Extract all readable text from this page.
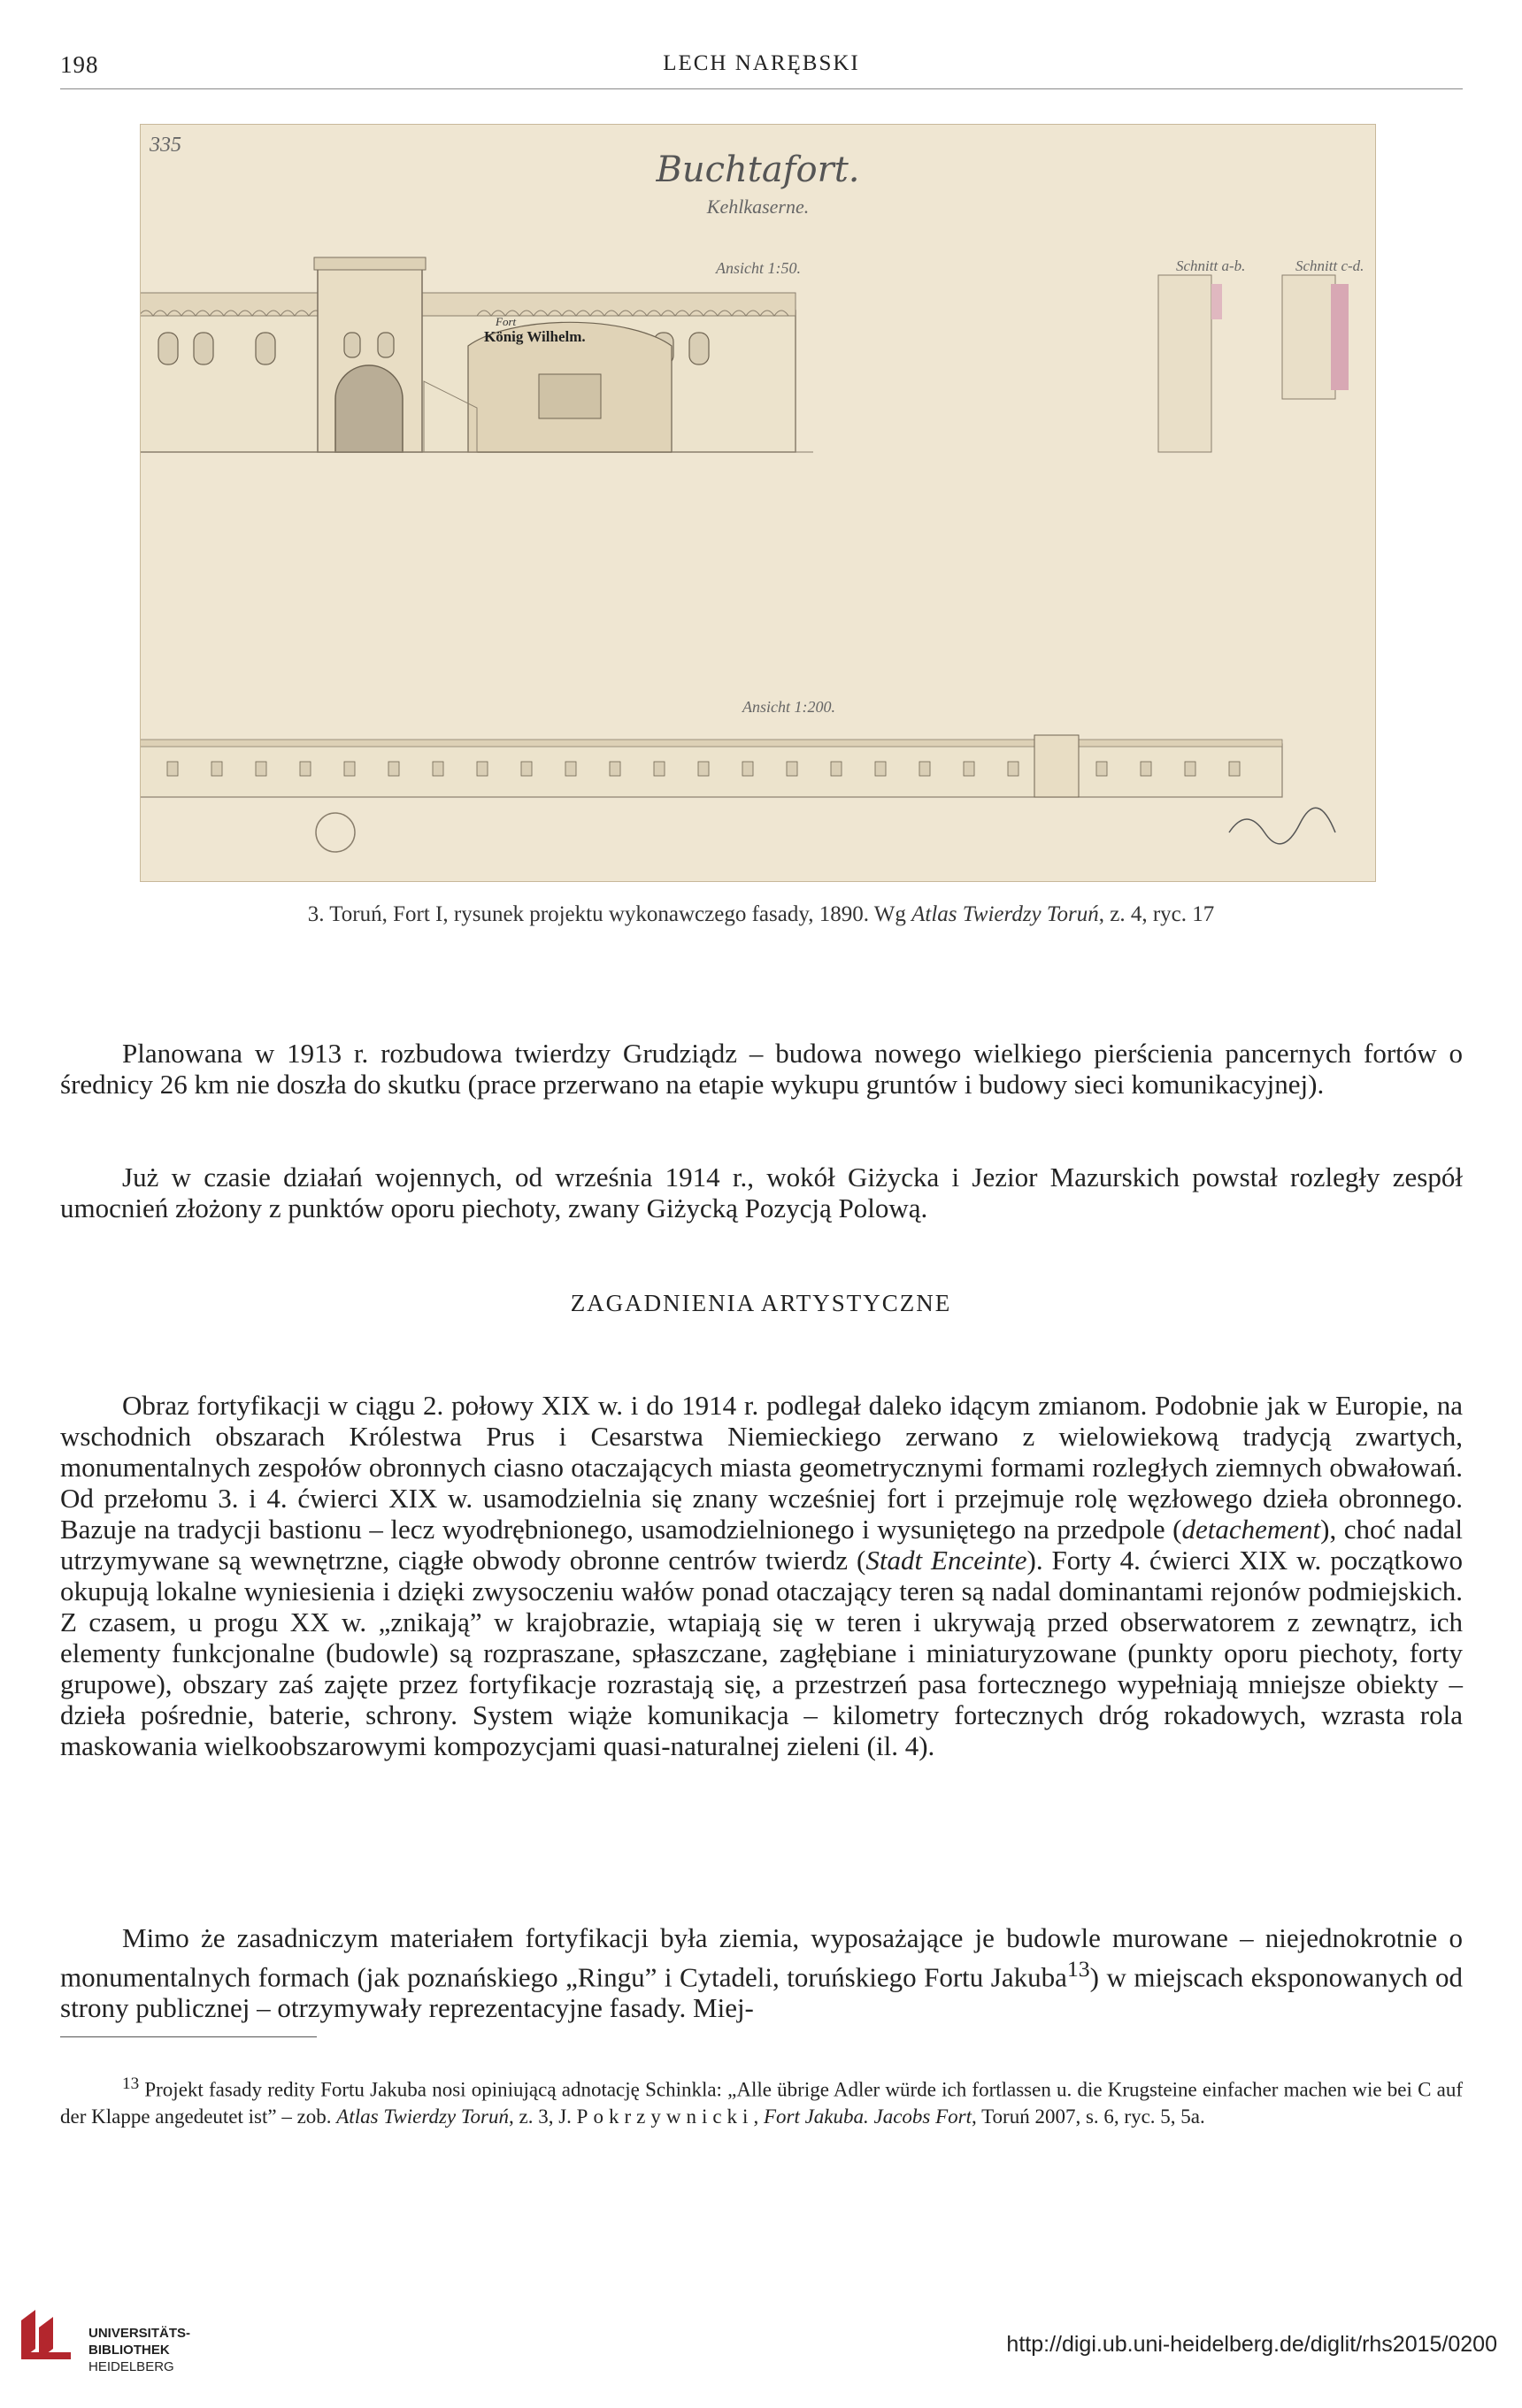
198	LECH NARĘBSKI
335
Buchtafort.
Kehlkaserne.
Ansicht 1:50.
Ansicht 1:200.
Schnitt a-b.	Schnitt c-d.
Fort
König Wilhelm.
3. Toruń, Fort I, rysunek projektu wykonawczego fasady, 1890. Wg Atlas Twierdzy Toruń, z. 4, ryc. 17

Planowana w 1913 r. rozbudowa twierdzy Grudziądz – budowa nowego wielkiego pierścienia pancernych fortów o średnicy 26 km nie doszła do skutku (prace przerwano na etapie wykupu gruntów i budowy sieci komunikacyjnej).

Już w czasie działań wojennych, od września 1914 r., wokół Giżycka i Jezior Mazurskich powstał rozległy zespół umocnień złożony z punktów oporu piechoty, zwany Giżycką Pozycją Polową.

ZAGADNIENIA ARTYSTYCZNE

Obraz fortyfikacji w ciągu 2. połowy XIX w. i do 1914 r. podlegał daleko idącym zmianom. Podobnie jak w Europie, na wschodnich obszarach Królestwa Prus i Cesarstwa Niemieckiego zerwano z wielowiekową tradycją zwartych, monumentalnych zespołów obronnych ciasno otaczających miasta geometrycznymi formami rozległych ziemnych obwałowań. Od przełomu 3. i 4. ćwierci XIX w. usamodzielnia się znany wcześniej fort i przejmuje rolę węzłowego dzieła obronnego. Bazuje na tradycji bastionu – lecz wyodrębnionego, usamodzielnionego i wysuniętego na przedpole (detachement), choć nadal utrzymywane są wewnętrzne, ciągłe obwody obronne centrów twierdz (Stadt Enceinte). Forty 4. ćwierci XIX w. początkowo okupują lokalne wyniesienia i dzięki zwysoczeniu wałów ponad otaczający teren są nadal dominantami rejonów podmiejskich. Z czasem, u progu XX w. „znikają” w krajobrazie, wtapiają się w teren i ukrywają przed obserwatorem z zewnątrz, ich elementy funkcjonalne (budowle) są rozpraszane, spłaszczane, zagłębiane i miniaturyzowane (punkty oporu piechoty, forty grupowe), obszary zaś zajęte przez fortyfikacje rozrastają się, a przestrzeń pasa fortecznego wypełniają mniejsze obiekty – dzieła pośrednie, baterie, schrony. System wiąże komunikacja – kilometry fortecznych dróg rokadowych, wzrasta rola maskowania wielkoobszarowymi kompozycjami quasi-naturalnej zieleni (il. 4).

Mimo że zasadniczym materiałem fortyfikacji była ziemia, wyposażające je budowle murowane – niejednokrotnie o monumentalnych formach (jak poznańskiego „Ringu” i Cytadeli, toruńskiego Fortu Jakuba$^{13}$) w miejscach eksponowanych od strony publicznej – otrzymywały reprezentacyjne fasady. Miej-

$^{13}$ Projekt fasady redity Fortu Jakuba nosi opiniującą adnotację Schinkla: „Alle übrige Adler würde ich fortlassen u. die Krugsteine einfacher machen wie bei C auf der Klappe angedeutet ist” – zob. Atlas Twierdzy Toruń, z. 3, J. Pokrzywnicki, Fort Jakuba. Jacobs Fort, Toruń 2007, s. 6, ryc. 5, 5a.

UNIVERSITÄTS-
BIBLIOTHEK
HEIDELBERG
http://digi.ub.uni-heidelberg.de/diglit/rhs2015/0200
